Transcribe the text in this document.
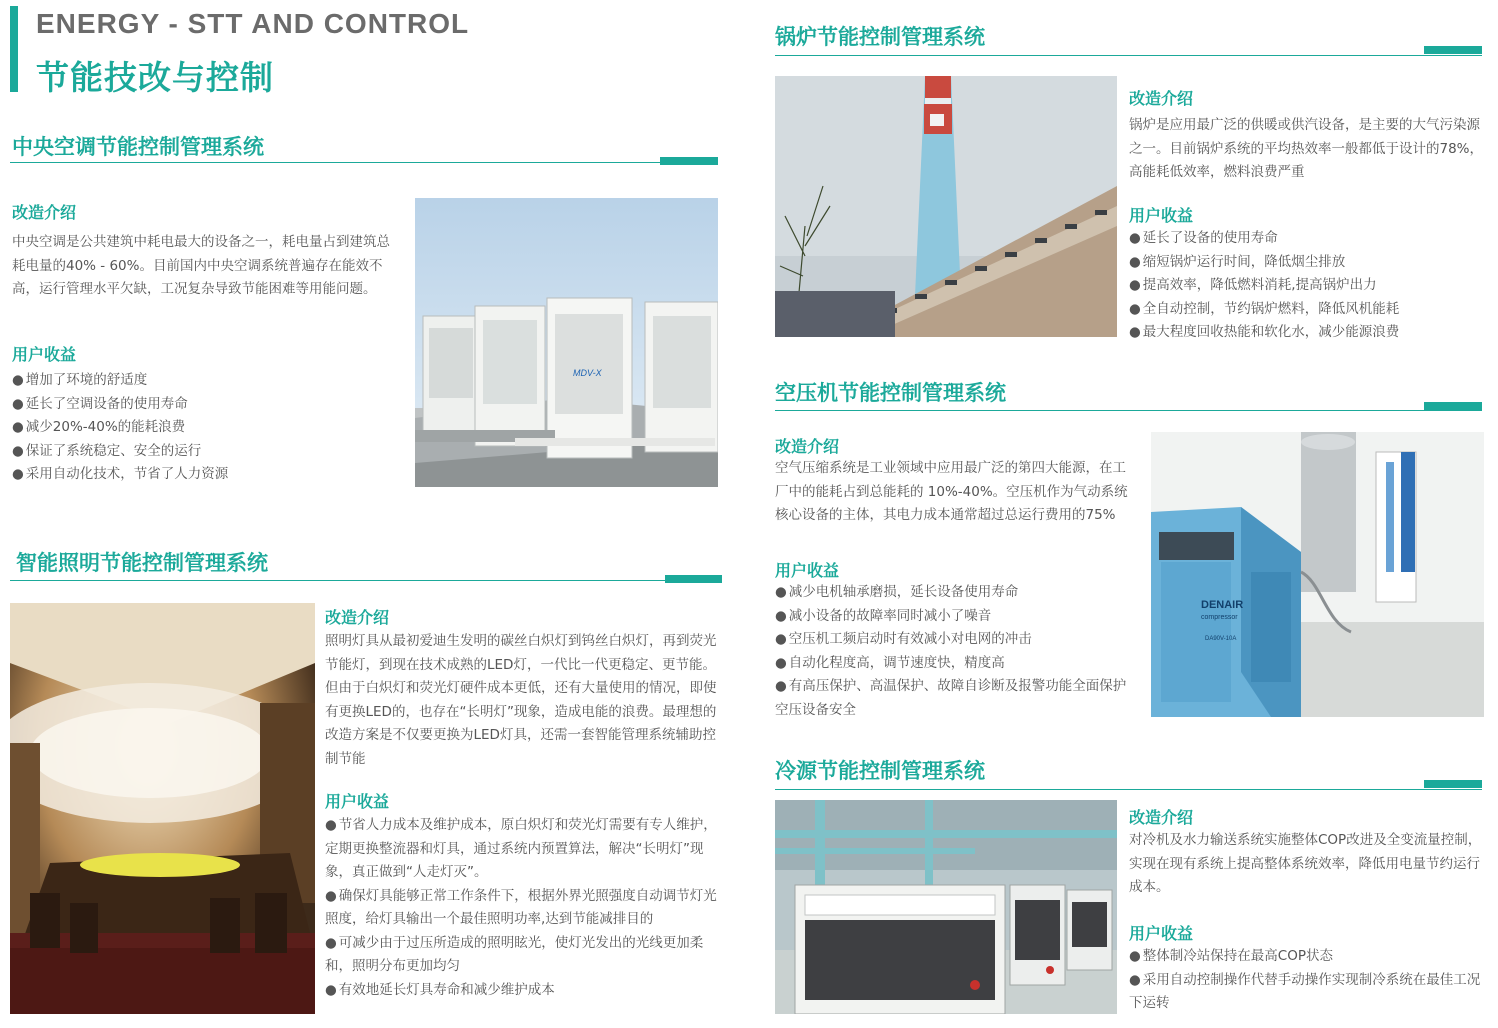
ENERGY - STT AND CONTROL
节能技改与控制
中央空调节能控制管理系统
改造介绍
中央空调是公共建筑中耗电最大的设备之一，耗电量占到建筑总耗电量的40% - 60%。目前国内中央空调系统普遍存在能效不高，运行管理水平欠缺，工况复杂导致节能困难等用能问题。
用户收益
● 增加了环境的舒适度
● 延长了空调设备的使用寿命
● 减少20%-40%的能耗浪费
● 保证了系统稳定、安全的运行
● 采用自动化技术，节省了人力资源
MDV-X
智能照明节能控制管理系统
改造介绍
照明灯具从最初爱迪生发明的碳丝白炽灯到钨丝白炽灯，再到荧光节能灯，到现在技术成熟的LED灯，一代比一代更稳定、更节能。但由于白炽灯和荧光灯硬件成本更低，还有大量使用的情况，即使有更换LED的，也存在“长明灯”现象，造成电能的浪费。最理想的改造方案是不仅要更换为LED灯具，还需一套智能管理系统辅助控制节能
用户收益
● 节省人力成本及维护成本，原白炽灯和荧光灯需要有专人维护，定期更换整流器和灯具，通过系统内预置算法，解决“长明灯”现象，真正做到“人走灯灭”。
● 确保灯具能够正常工作条件下，根据外界光照强度自动调节灯光照度，给灯具输出一个最佳照明功率,达到节能减排目的
● 可减少由于过压所造成的照明眩光，使灯光发出的光线更加柔和，照明分布更加均匀
● 有效地延长灯具寿命和减少维护成本
锅炉节能控制管理系统
改造介绍
锅炉是应用最广泛的供暖或供汽设备，是主要的大气污染源之一。目前锅炉系统的平均热效率一般都低于设计的78%，高能耗低效率，燃料浪费严重
用户收益
● 延长了设备的使用寿命
● 缩短锅炉运行时间，降低烟尘排放
● 提高效率，降低燃料消耗,提高锅炉出力
● 全自动控制，节约锅炉燃料，降低风机能耗
● 最大程度回收热能和软化水，减少能源浪费
空压机节能控制管理系统
改造介绍
空气压缩系统是工业领域中应用最广泛的第四大能源，在工厂中的能耗占到总能耗的 10%-40%。空压机作为气动系统核心设备的主体，其电力成本通常超过总运行费用的75%
用户收益
● 减少电机轴承磨损，延长设备使用寿命
● 减小设备的故障率同时减小了噪音
● 空压机工频启动时有效减小对电网的冲击
● 自动化程度高，调节速度快，精度高
● 有高压保护、高温保护、故障自诊断及报警功能全面保护空压设备安全
DENAIR
compressor
DA90V-10A
冷源节能控制管理系统
改造介绍
对冷机及水力输送系统实施整体COP改进及全变流量控制，实现在现有系统上提高整体系统效率，降低用电量节约运行成本。
用户收益
● 整体制冷站保持在最高COP状态
● 采用自动控制操作代替手动操作实现制冷系统在最佳工况下运转
